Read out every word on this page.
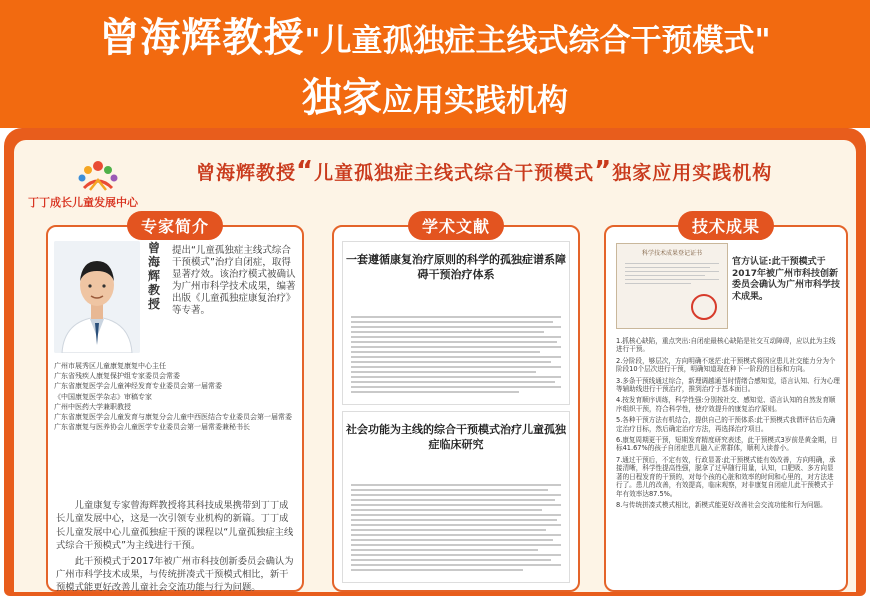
曾海辉教授"儿童孤独症主线式综合干预模式"
独家应用实践机构
丁丁成长儿童发展中心
曾海辉教授“儿童孤独症主线式综合干预模式”独家应用实践机构
专家简介
曾海辉教授
提出“儿童孤独症主线式综合干预模式”治疗自闭症，取得显著疗效。该治疗模式被确认为广州市科学技术成果，编著出版《儿童孤独症康复治疗》等专著。
广州市展秀区儿童康复康复中心主任
广东省残疾人康复保护组专家委员会常委
广东省康复医学会儿童神经发育专业委员会第一届常委
《中国康复医学杂志》审稿专家
广州中医药大学兼职教授
广东省康复医学会儿童发育与康复分会儿童中西医结合专业委员会第一届常委
广东省康复与医养协会儿童医学专业委员会第一届常委兼秘书长

儿童康复专家曾海辉教授将其科技成果携带到丁丁成长儿童发展中心，这是一次引领专业机构的新篇。丁丁成长儿童发展中心儿童孤独症干预的课程以“儿童孤独症主线式综合干预模式”为主线进行干预。

此干预模式于2017年被广州市科技创新委员会确认为广州市科学技术成果，与传统拼凑式干预模式相比，新干预模式能更好改善儿童社会交流功能与行为问题。

学术文献
一套遵循康复治疗原则的科学的孤独症谱系障碍干预治疗体系
社会功能为主线的综合干预模式治疗儿童孤独症临床研究
技术成果
科学技术成果登记证书
官方认证:此干预模式于2017年被广州市科技创新委员会确认为广州市科学技术成果。

1.抓核心缺陷，重点突出:自闭症最核心缺陷是社交互动障碍，应以此为主线进行干预。

2.分阶段，够层次，方向明确不迷茫:此干预模式将因应患儿社交能力分为个阶段10个层次进行干预，明确知道现在种下一阶段的目标和方向。

3.多条干预线通过综合，新理调越通当时情绪合感知觉，语言认知、行为心理等辅助线进行干预治疗，推到治疗于基本面目。

4.按发育顺序训练，科学性强:分别按社交、感知觉、语言认知的自然发育顺序组织干预，符合科学性，使疗效提升的康复治疗原则。

5.各种干预方法有机结合，提供自己的干预体系:此干预模式我谓评估后先确定治疗目标，然后确定治疗方法，再选择治疗项目。

6.康复周期更干预，短期发育精度研究表述，此干预模式3岁前是黄金期，目标41.67%的孩子自闭症患儿融入正常群体，顺利入读普小。

7.通过干预后，不定有效，行政显著:此干预模式能有效改善，方向明确，承接清晰，科学性提高性强，脱拿了过早随行用量，认知，口肥吸、多方向显著的日程发育的干预的，对每个孩的心脏和效率的时间和心里的，对方法进行了。患儿的改善，有效提高，临床观察，对非康复自闭症儿此干预模式于年有效率达87.5%。

8.与传统拼凑式模式相比，新模式能更好改善社会交流功能和行为问题。
